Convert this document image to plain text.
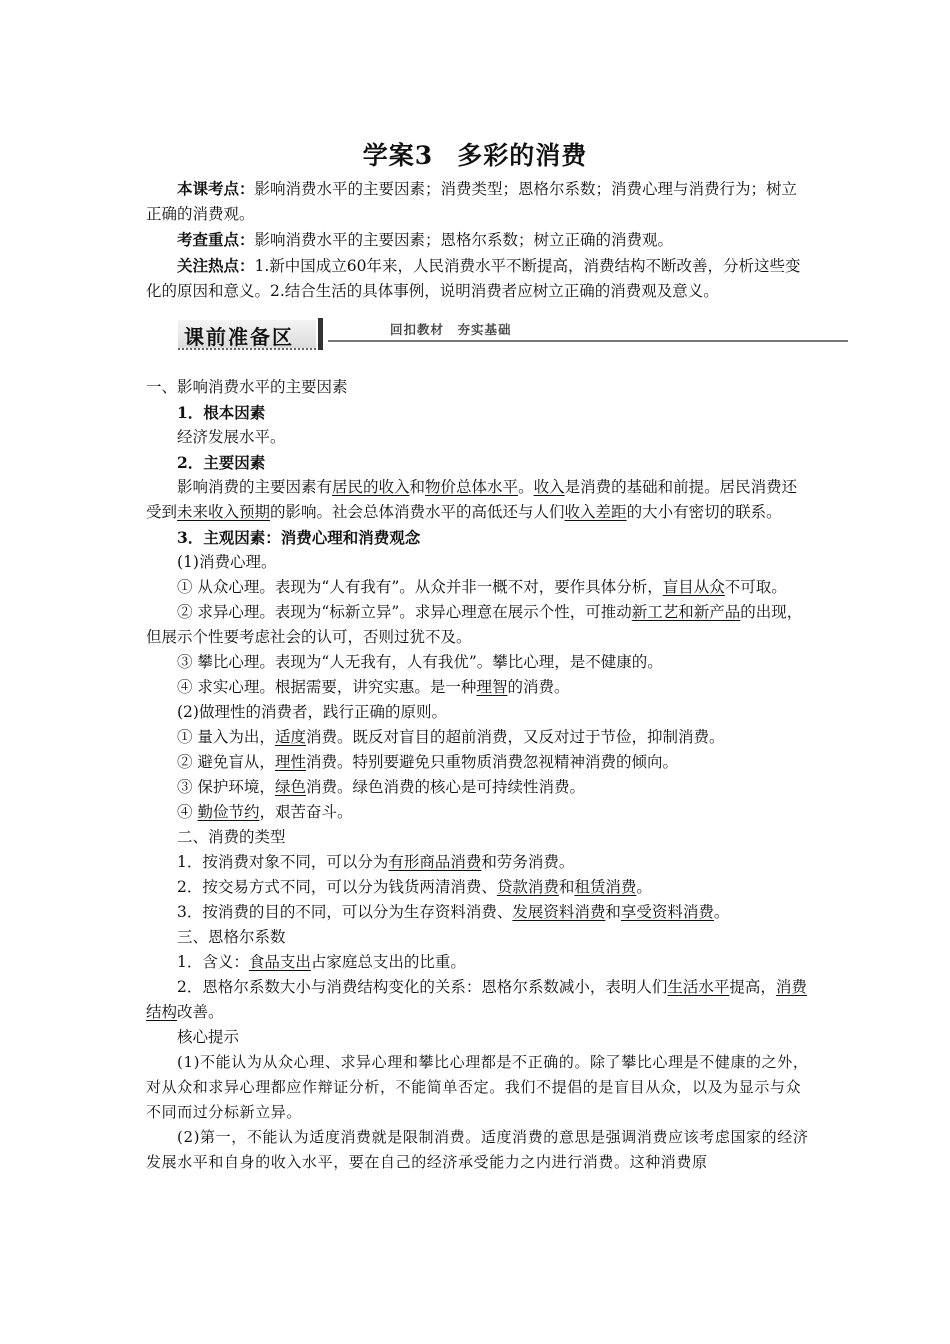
学案3 多彩的消费

本课考点：影响消费水平的主要因素；消费类型；恩格尔系数；消费心理与消费行为；树立正确的消费观。

考查重点：影响消费水平的主要因素；恩格尔系数；树立正确的消费观。

关注热点：1.新中国成立60年来，人民消费水平不断提高，消费结构不断改善，分析这些变化的原因和意义。2.结合生活的具体事例，说明消费者应树立正确的消费观及意义。

课前准备区	回扣教材　夯实基础

一、影响消费水平的主要因素

1．根本因素

经济发展水平。

2．主要因素

影响消费的主要因素有居民的收入和物价总体水平。收入是消费的基础和前提。居民消费还受到未来收入预期的影响。社会总体消费水平的高低还与人们收入差距的大小有密切的联系。

3．主观因素：消费心理和消费观念

(1)消费心理。

① 从众心理。表现为“人有我有”。从众并非一概不对，要作具体分析，盲目从众不可取。

② 求异心理。表现为“标新立异”。求异心理意在展示个性，可推动新工艺和新产品的出现，但展示个性要考虑社会的认可，否则过犹不及。

③ 攀比心理。表现为“人无我有，人有我优”。攀比心理，是不健康的。

④ 求实心理。根据需要，讲究实惠。是一种理智的消费。

(2)做理性的消费者，践行正确的原则。

① 量入为出，适度消费。既反对盲目的超前消费，又反对过于节俭，抑制消费。

② 避免盲从，理性消费。特别要避免只重物质消费忽视精神消费的倾向。

③ 保护环境，绿色消费。绿色消费的核心是可持续性消费。

④ 勤俭节约，艰苦奋斗。

二、消费的类型

1．按消费对象不同，可以分为有形商品消费和劳务消费。

2．按交易方式不同，可以分为钱货两清消费、贷款消费和租赁消费。

3．按消费的目的不同，可以分为生存资料消费、发展资料消费和享受资料消费。

三、恩格尔系数

1．含义：食品支出占家庭总支出的比重。

2．恩格尔系数大小与消费结构变化的关系：恩格尔系数减小，表明人们生活水平提高，消费结构改善。

核心提示

(1)不能认为从众心理、求异心理和攀比心理都是不正确的。除了攀比心理是不健康的之外，对从众和求异心理都应作辩证分析，不能简单否定。我们不提倡的是盲目从众，以及为显示与众不同而过分标新立异。

(2)第一，不能认为适度消费就是限制消费。适度消费的意思是强调消费应该考虑国家的经济发展水平和自身的收入水平，要在自己的经济承受能力之内进行消费。这种消费原
